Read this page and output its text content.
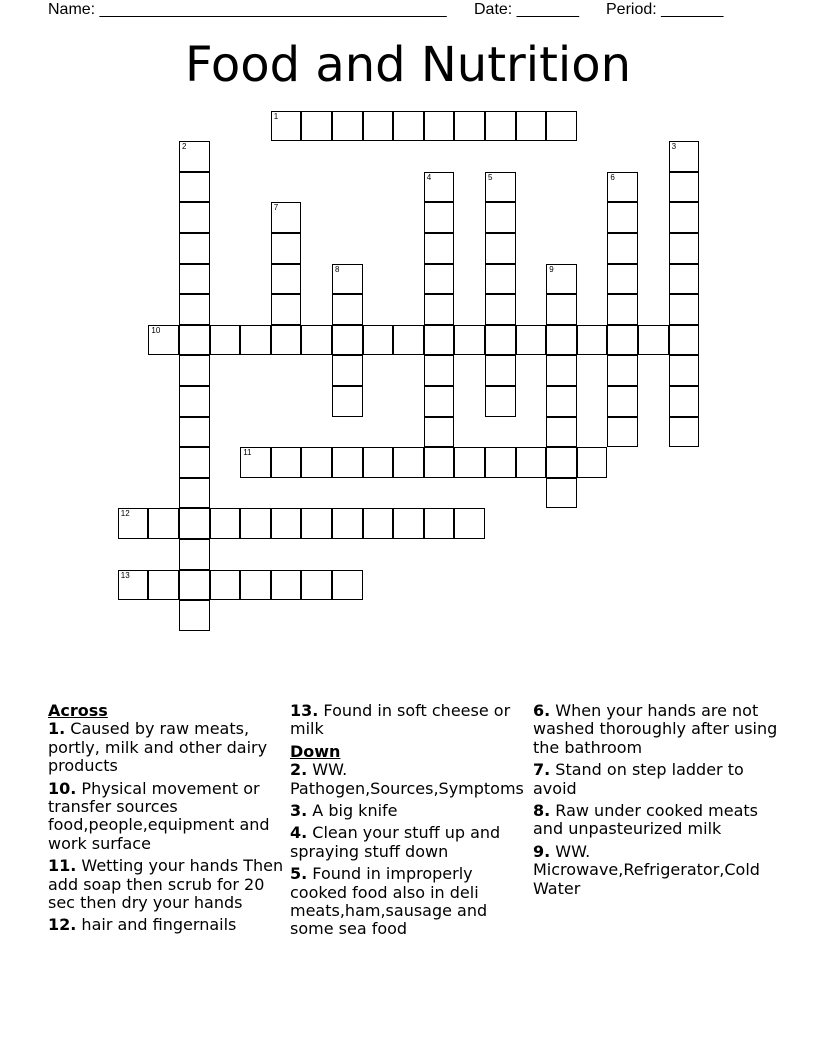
Name: _______________________________________ Date: _______ Period: _______
Food and Nutrition
1
2	3
4	5	6
7
8	9
10
11
12
13
Across
1. Caused by raw meats, portly, milk and other dairy products
10. Physical movement or transfer sources food,people,equipment and work surface
11. Wetting your hands Then add soap then scrub for 20 sec then dry your hands
12. hair and fingernails
13. Found in soft cheese or milk
Down
2. WW. Pathogen,Sources,Symptoms
3. A big knife
4. Clean your stuff up and spraying stuff down
5. Found in improperly cooked food also in deli meats,ham,sausage and some sea food
6. When your hands are not washed thoroughly after using the bathroom
7. Stand on step ladder to avoid
8. Raw under cooked meats and unpasteurized milk
9. WW. Microwave,Refrigerator,Cold Water
